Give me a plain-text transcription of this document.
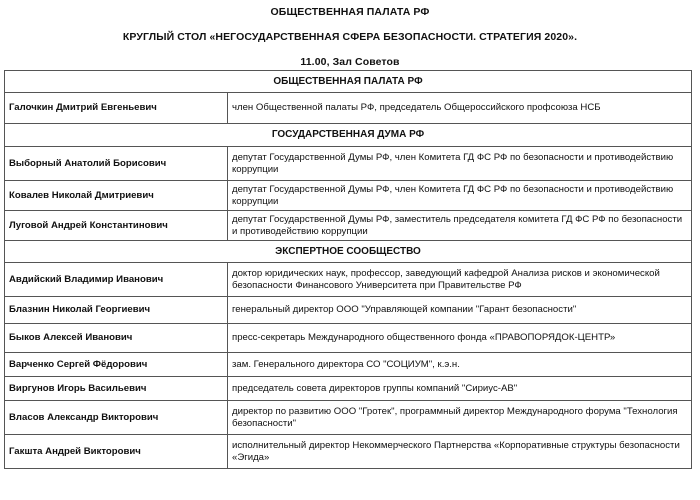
ОБЩЕСТВЕННАЯ ПАЛАТА РФ
КРУГЛЫЙ СТОЛ «НЕГОСУДАРСТВЕННАЯ СФЕРА БЕЗОПАСНОСТИ. СТРАТЕГИЯ 2020».
11.00, Зал Советов
ОБЩЕСТВЕННАЯ ПАЛАТА РФ	
Галочкин Дмитрий Евгеньевич	член Общественной палаты РФ, председатель Общероссийского профсоюза НСБ
ГОСУДАРСТВЕННАЯ ДУМА РФ	
Выборный Анатолий Борисович	депутат Государственной Думы РФ, член Комитета ГД ФС РФ по безопасности и противодействию коррупции
Ковалев Николай Дмитриевич	депутат Государственной Думы РФ, член Комитета ГД ФС РФ по безопасности и противодействию коррупции
Луговой Андрей Константинович	депутат Государственной Думы РФ, заместитель председателя комитета ГД ФС РФ по безопасности и противодействию коррупции
ЭКСПЕРТНОЕ СООБЩЕСТВО	
Авдийский Владимир Иванович	доктор юридических наук, профессор, заведующий кафедрой Анализа рисков и экономической безопасности Финансового Университета при Правительстве РФ
Блазнин Николай Георгиевич	генеральный директор ООО "Управляющей компании "Гарант безопасности"
Быков Алексей Иванович	пресс-секретарь Международного общественного фонда «ПРАВОПОРЯДОК-ЦЕНТР»
Варченко Сергей Фёдорович	зам. Генерального директора СО "СОЦИУМ", к.э.н.
Виргунов Игорь Васильевич	председатель совета директоров группы компаний "Сириус-АВ"
Власов Александр Викторович	директор по развитию ООО "Гротек", программный директор Международного форума "Технология безопасности"
Гакшта Андрей Викторович	исполнительный директор Некоммерческого Партнерства «Корпоративные структуры безопасности «Эгида»
